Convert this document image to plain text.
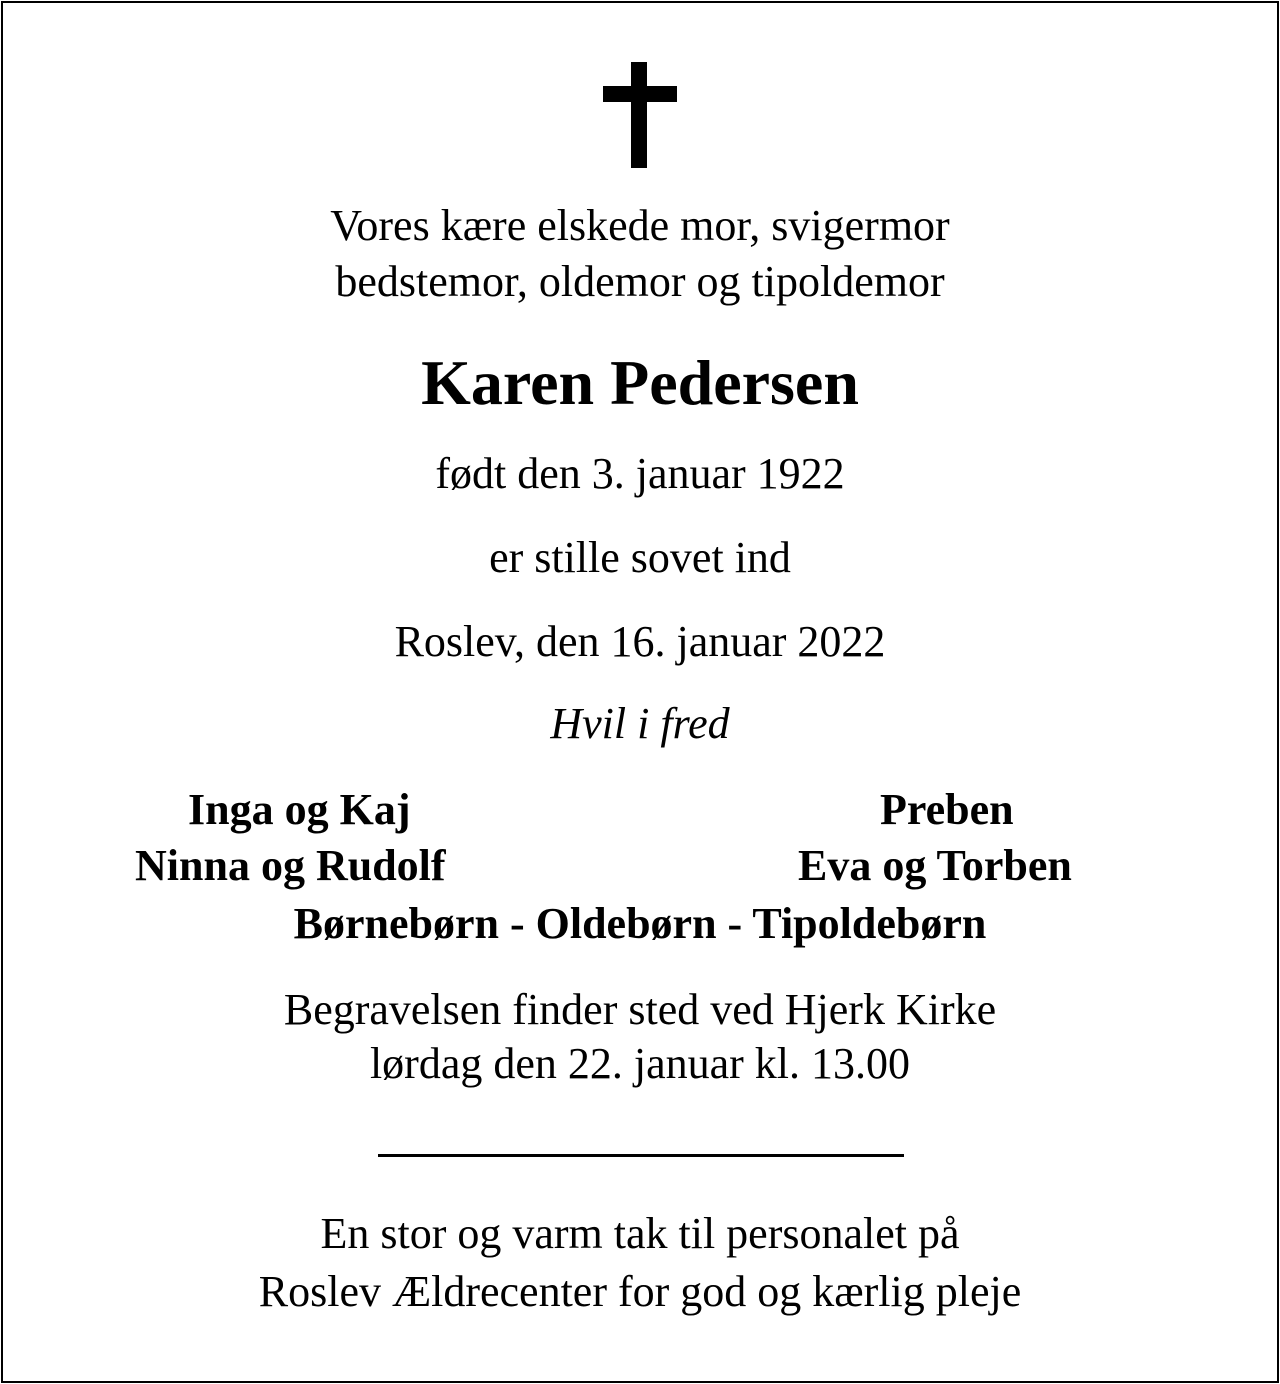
Vores kære elskede mor, svigermor
bedstemor, oldemor og tipoldemor
Karen Pedersen
født den 3. januar 1922
er stille sovet ind
Roslev, den 16. januar 2022
Hvil i fred
Inga og Kaj
Ninna og Rudolf
Preben
Eva og Torben
Børnebørn - Oldebørn - Tipoldebørn
Begravelsen finder sted ved Hjerk Kirke
lørdag den 22. januar kl. 13.00
En stor og varm tak til personalet på
Roslev Ældrecenter for god og kærlig pleje
